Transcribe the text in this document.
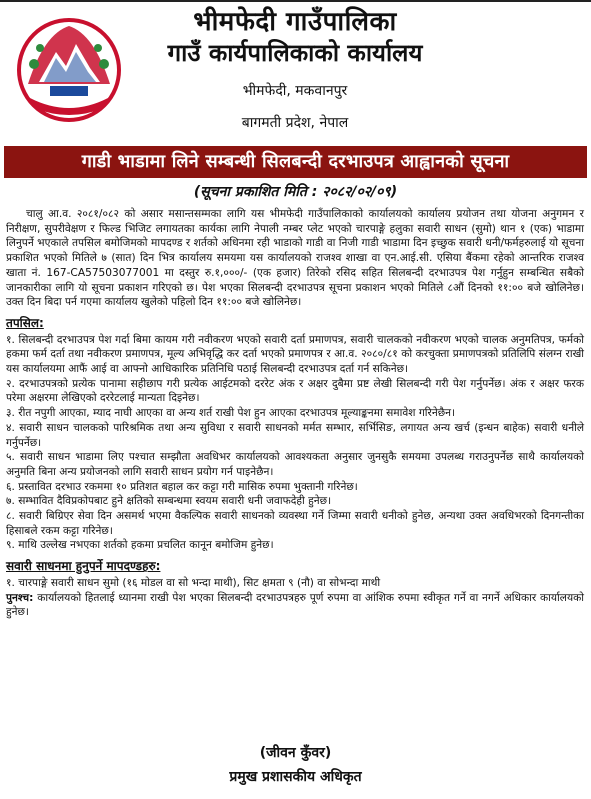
भीमफेदी गाउँपालिका
गाउँ कार्यपालिकाको कार्यालय
भीमफेदी, मकवानपुर
बागमती प्रदेश, नेपाल
गाडी भाडामा लिने सम्बन्धी सिलबन्दी दरभाउपत्र आह्वानको सूचना
(सूचना प्रकाशित मिति : २०८२/०२/०९)

चालु आ.व. २०८१/०८२ को असार मसान्तसम्मका लागि यस भीमफेदी गाउँपालिकाको कार्यालयको कार्यालय प्रयोजन तथा योजना अनुगमन र निरीक्षण, सुपरीवेक्षण र फिल्ड भिजिट लगायतका कार्यका लागि नेपाली नम्बर प्लेट भएको चारपाङ्गे हलुका सवारी साधन (सुमो) थान १ (एक) भाडामा लिनुपर्ने भएकाले तपसिल बमोजिमको मापदण्ड र शर्तको अधिनमा रही भाडाको गाडी वा निजी गाडी भाडामा दिन इच्छुक सवारी धनी/फर्महरुलाई यो सूचना प्रकाशित भएको मितिले ७ (सात) दिन भित्र कार्यालय समयमा यस कार्यालयको राजश्व शाखा वा एन.आई.सी. एसिया बैंकमा रहेको आन्तरिक राजश्व खाता नं. 167-CA57503077001 मा दस्तुर रु.१,०००/- (एक हजार) तिरेको रसिद सहित सिलबन्दी दरभाउपत्र पेश गर्नुहुन सम्बन्धित सबैको जानकारीका लागि यो सूचना प्रकाशन गरिएको छ। पेश भएका सिलबन्दी दरभाउपत्र सूचना प्रकाशन भएको मितिले ८औं दिनको ११:०० बजे खोलिनेछ। उक्त दिन बिदा पर्न गएमा कार्यालय खुलेको पहिलो दिन ११:०० बजे खोलिनेछ।

तपसिल:

१. सिलबन्दी दरभाउपत्र पेश गर्दा बिमा कायम गरी नवीकरण भएको सवारी दर्ता प्रमाणपत्र, सवारी चालकको नवीकरण भएको चालक अनुमतिपत्र, फर्मको हकमा फर्म दर्ता तथा नवीकरण प्रमाणपत्र, मूल्य अभिवृद्धि कर दर्ता भएको प्रमाणपत्र र आ.व. २०८०/८१ को करचुक्ता प्रमाणपत्रको प्रतिलिपि संलग्न राखी यस कार्यालयमा आफैं आई वा आफ्नो आधिकारिक प्रतिनिधि पठाई सिलबन्दी दरभाउपत्र दर्ता गर्न सकिनेछ।

२. दरभाउपत्रको प्रत्येक पानामा सहीछाप गरी प्रत्येक आईटमको दररेट अंक र अक्षर दुबैमा प्रष्ट लेखी सिलबन्दी गरी पेश गर्नुपर्नेछ। अंक र अक्षर फरक परेमा अक्षरमा लेखिएको दररेटलाई मान्यता दिइनेछ।

३. रीत नपुगी आएका, म्याद नाघी आएका वा अन्य शर्त राखी पेश हुन आएका दरभाउपत्र मूल्याङ्कनमा समावेश गरिनेछैन।

४. सवारी साधन चालकको पारिश्रमिक तथा अन्य सुविधा र सवारी साधनको मर्मत सम्भार, सर्भिसिङ, लगायत अन्य खर्च (इन्धन बाहेक) सवारी धनीले गर्नुपर्नेछ।

५. सवारी साधन भाडामा लिए पश्चात सम्झौता अवधिभर कार्यालयको आवश्यकता अनुसार जुनसुकै समयमा उपलब्ध गराउनुपर्नेछ साथै कार्यालयको अनुमति बिना अन्य प्रयोजनको लागि सवारी साधन प्रयोग गर्न पाइनेछैन।

६. प्रस्तावित दरभाउ रकममा १० प्रतिशत बहाल कर कट्टा गरी मासिक रुपमा भुक्तानी गरिनेछ।

७. सम्भावित दैविप्रकोपबाट हुने क्षतिको सम्बन्धमा स्वयम सवारी धनी जवाफदेही हुनेछ।

८. सवारी बिग्रिएर सेवा दिन असमर्थ भएमा वैकल्पिक सवारी साधनको व्यवस्था गर्ने जिम्मा सवारी धनीको हुनेछ, अन्यथा उक्त अवधिभरको दिनगन्तीका हिसाबले रकम कट्टा गरिनेछ।

९. माथि उल्लेख नभएका शर्तको हकमा प्रचलित कानून बमोजिम हुनेछ।

सवारी साधनमा हुनुपर्ने मापदण्डहरु:

१. चारपाङ्गे सवारी साधन सुमो (१६ मोडल वा सो भन्दा माथी), सिट क्षमता ९ (नौ) वा सोभन्दा माथी

पुनश्च: कार्यालयको हितलाई ध्यानमा राखी पेश भएका सिलबन्दी दरभाउपत्रहरु पूर्ण रुपमा वा आंशिक रुपमा स्वीकृत गर्ने वा नगर्ने अधिकार कार्यालयको हुनेछ।

(जीवन कुँवर)
प्रमुख प्रशासकीय अधिकृत
